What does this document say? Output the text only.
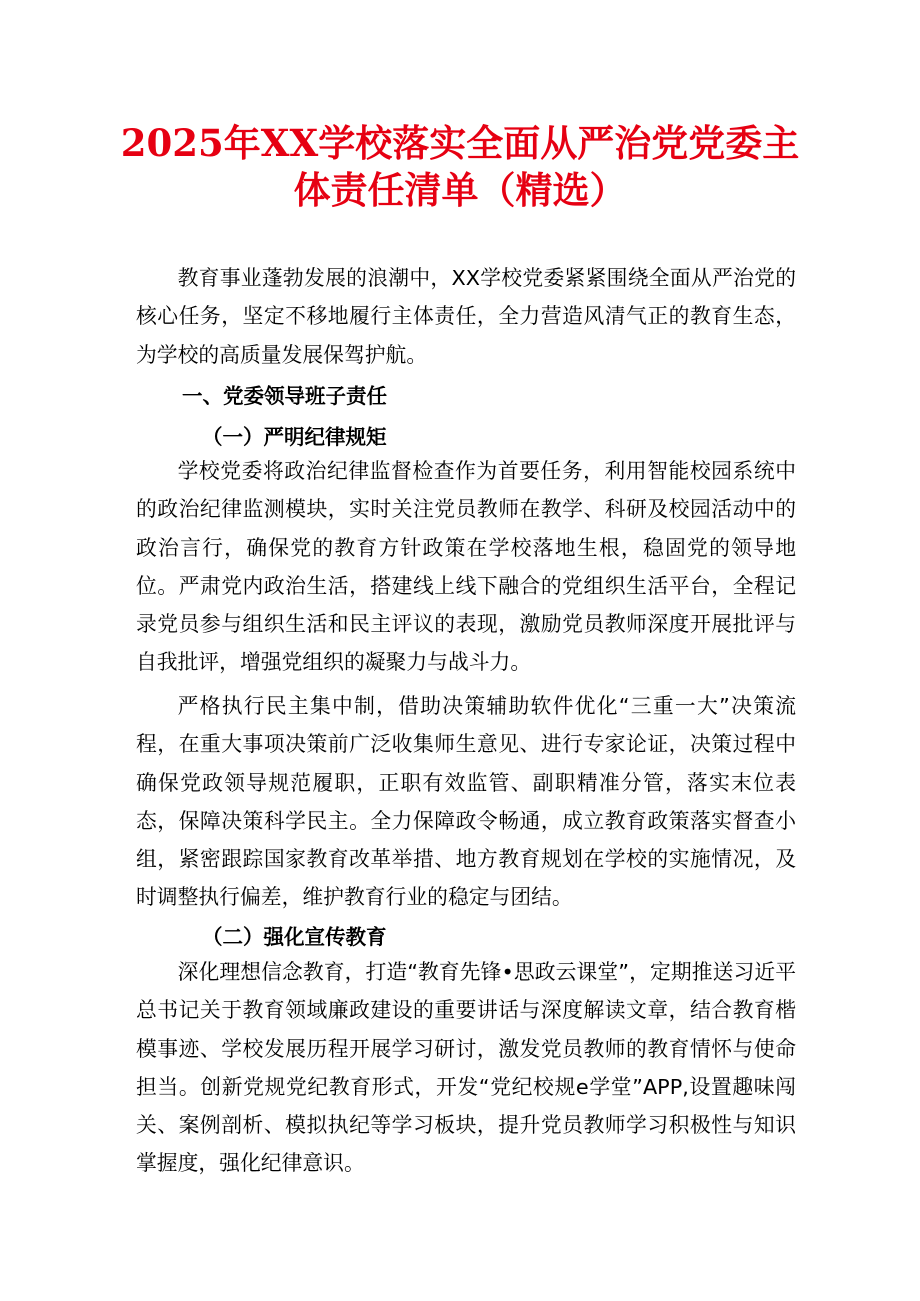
2025年XX学校落实全面从严治党党委主
体责任清单（精选）

教育事业蓬勃发展的浪潮中，XX学校党委紧紧围绕全面从严治党的核心任务，坚定不移地履行主体责任，全力营造风清气正的教育生态，为学校的高质量发展保驾护航。

一、党委领导班子责任
（一）严明纪律规矩

学校党委将政治纪律监督检查作为首要任务，利用智能校园系统中的政治纪律监测模块，实时关注党员教师在教学、科研及校园活动中的政治言行，确保党的教育方针政策在学校落地生根，稳固党的领导地位。严肃党内政治生活，搭建线上线下融合的党组织生活平台，全程记录党员参与组织生活和民主评议的表现，激励党员教师深度开展批评与自我批评，增强党组织的凝聚力与战斗力。

严格执行民主集中制，借助决策辅助软件优化“三重一大”决策流程，在重大事项决策前广泛收集师生意见、进行专家论证，决策过程中确保党政领导规范履职，正职有效监管、副职精准分管，落实末位表态，保障决策科学民主。全力保障政令畅通，成立教育政策落实督查小组，紧密跟踪国家教育改革举措、地方教育规划在学校的实施情况，及时调整执行偏差，维护教育行业的稳定与团结。

（二）强化宣传教育

深化理想信念教育，打造“教育先锋•思政云课堂”，定期推送习近平总书记关于教育领域廉政建设的重要讲话与深度解读文章，结合教育楷模事迹、学校发展历程开展学习研讨，激发党员教师的教育情怀与使命担当。创新党规党纪教育形式，开发“党纪校规e学堂”APP,设置趣味闯关、案例剖析、模拟执纪等学习板块，提升党员教师学习积极性与知识掌握度，强化纪律意识。
